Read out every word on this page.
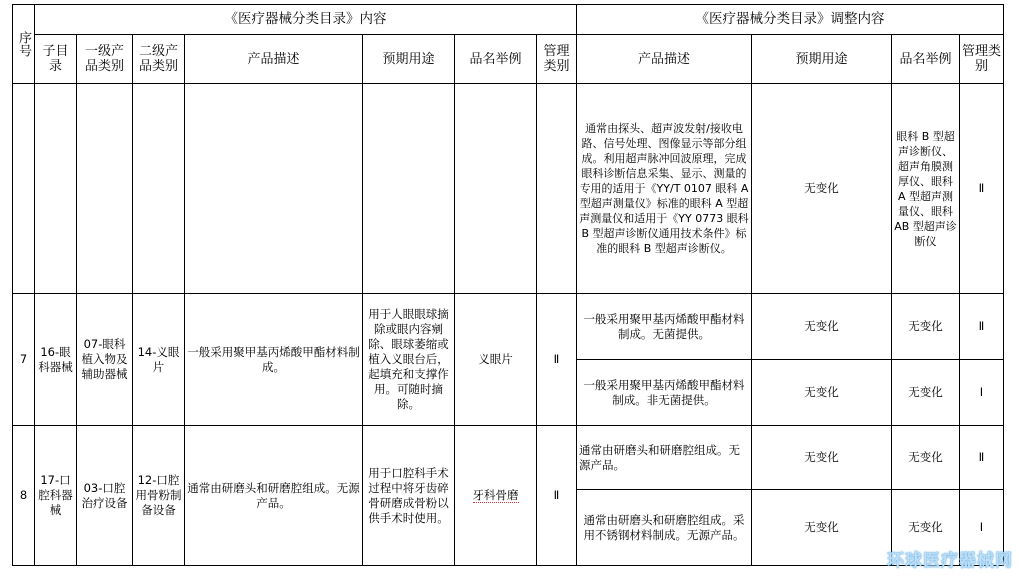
序号	《医疗器械分类目录》内容							《医疗器械分类目录》调整内容			
	子目录	一级产品类别	二级产品类别	产品描述	预期用途	品名举例	管理类别	产品描述	预期用途	品名举例	管理类别
								通常由探头、超声波发射/接收电路、信号处理、图像显示等部分组成。利用超声脉冲回波原理，完成眼科诊断信息采集、显示、测量的专用的适用于《YY/T 0107 眼科 A 型超声测量仪》标准的眼科 A 型超声测量仪和适用于《YY 0773 眼科 B 型超声诊断仪通用技术条件》标准的眼科 B 型超声诊断仪。	无变化	眼科 B 型超声诊断仪、超声角膜测厚仪、眼科 A 型超声测量仪、眼科 AB 型超声诊断仪	Ⅱ
7	16-眼科器械	07-眼科植入物及辅助器械	14-义眼片	一般采用聚甲基丙烯酸甲酯材料制成。	用于人眼眼球摘除或眼内容剜除、眼球萎缩或植入义眼台后，起填充和支撑作用。可随时摘除。	义眼片	Ⅱ	一般采用聚甲基丙烯酸甲酯材料制成。无菌提供。	无变化	无变化	Ⅱ
								一般采用聚甲基丙烯酸甲酯材料制成。非无菌提供。	无变化	无变化	Ⅰ
8	17-口腔科器械	03-口腔治疗设备	12-口腔用骨粉制备设备	通常由研磨头和研磨腔组成。无源产品。	用于口腔科手术过程中将牙齿碎骨研磨成骨粉以供手术时使用。	牙科骨磨	Ⅱ	通常由研磨头和研磨腔组成。无源产品。	无变化	无变化	Ⅱ
								通常由研磨头和研磨腔组成。采用不锈钢材料制成。无源产品。	无变化	无变化	Ⅰ
环球医疗器械网
